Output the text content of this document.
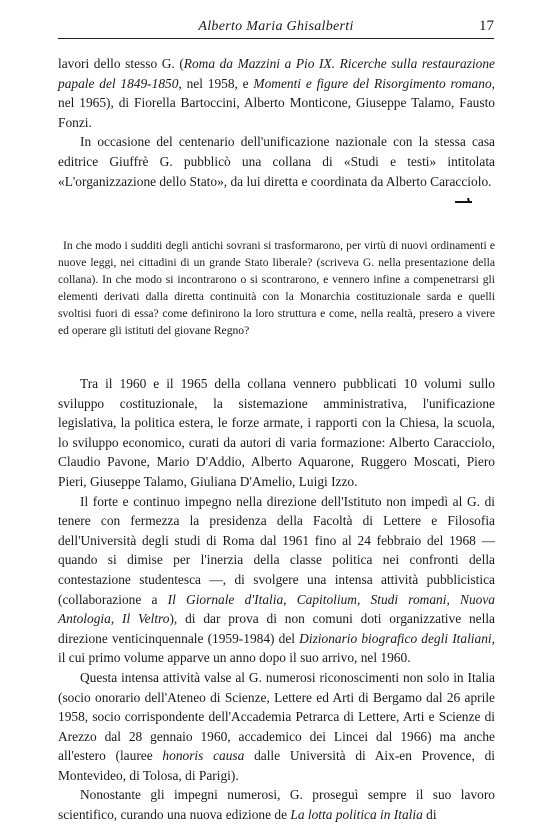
Alberto Maria Ghisalberti	17

lavori dello stesso G. (Roma da Mazzini a Pio IX. Ricerche sulla restaurazione papale del 1849-1850, nel 1958, e Momenti e figure del Risorgimento romano, nel 1965), di Fiorella Bartoccini, Alberto Monticone, Giuseppe Talamo, Fausto Fonzi.

In occasione del centenario dell'unificazione nazionale con la stessa casa editrice Giuffrè G. pubblicò una collana di «Studi e testi» intitolata «L'organizzazione dello Stato», da lui diretta e coordinata da Alberto Caracciolo.

In che modo i sudditi degli antichi sovrani si trasformarono, per virtù di nuovi ordinamenti e nuove leggi, nei cittadini di un grande Stato liberale? (scriveva G. nella presentazione della collana). In che modo si incontrarono o si scontrarono, e vennero infine a compenetrarsi gli elementi derivati dalla diretta continuità con la Monarchia costituzionale sarda e quelli svoltisi fuori di essa? come definirono la loro struttura e come, nella realtà, presero a vivere ed operare gli istituti del giovane Regno?

Tra il 1960 e il 1965 della collana vennero pubblicati 10 volumi sullo sviluppo costituzionale, la sistemazione amministrativa, l'unificazione legislativa, la politica estera, le forze armate, i rapporti con la Chiesa, la scuola, lo sviluppo economico, curati da autori di varia formazione: Alberto Caracciolo, Claudio Pavone, Mario D'Addio, Alberto Aquarone, Ruggero Moscati, Piero Pieri, Giuseppe Talamo, Giuliana D'Amelio, Luigi Izzo.

Il forte e continuo impegno nella direzione dell'Istituto non impedì al G. di tenere con fermezza la presidenza della Facoltà di Lettere e Filosofia dell'Università degli studi di Roma dal 1961 fino al 24 febbraio del 1968 — quando si dimise per l'inerzia della classe politica nei confronti della contestazione studentesca —, di svolgere una intensa attività pubblicistica (collaborazione a Il Giornale d'Italia, Capitolium, Studi romani, Nuova Antologia, Il Veltro), di dar prova di non comuni doti organizzative nella direzione venticinquennale (1959-1984) del Dizionario biografico degli Italiani, il cui primo volume apparve un anno dopo il suo arrivo, nel 1960.

Questa intensa attività valse al G. numerosi riconoscimenti non solo in Italia (socio onorario dell'Ateneo di Scienze, Lettere ed Arti di Bergamo dal 26 aprile 1958, socio corrispondente dell'Accademia Petrarca di Lettere, Arti e Scienze di Arezzo dal 28 gennaio 1960, accademico dei Lincei dal 1966) ma anche all'estero (lauree honoris causa dalle Università di Aix-en Provence, di Montevideo, di Tolosa, di Parigi).

Nonostante gli impegni numerosi, G. proseguì sempre il suo lavoro scientifico, curando una nuova edizione de La lotta politica in Italia di
